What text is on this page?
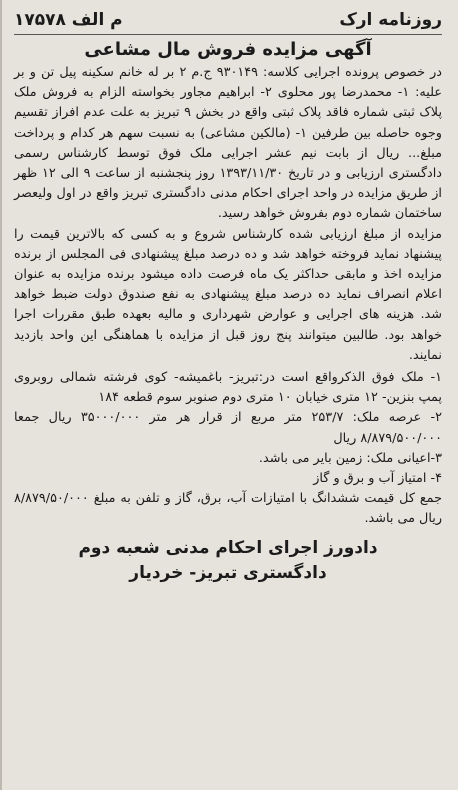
روزنامه ارک
م الف ۱۷۵۷۸
آگهی مزایده فروش مال مشاعی

در خصوص پرونده اجرایی کلاسه: ۹۳۰۱۴۹ ج.م ۲ بر له خانم سکینه پیل تن و بر علیه: ۱- محمدرضا پور محلوی ۲- ابراهیم مجاور بخواسته الزام به فروش ملک پلاک ثبتی شماره فاقد پلاک ثبتی واقع در بخش ۹ تبریز به علت عدم افراز تقسیم وجوه حاصله بین طرفین ۱- (مالکین مشاعی) به نسبت سهم هر کدام و پرداخت مبلغ... ریال از بابت نیم عشر اجرایی ملک فوق توسط کارشناس رسمی دادگستری ارزیابی و در تاریخ ۱۳۹۳/۱۱/۳۰ روز پنجشنبه از ساعت ۹ الی ۱۲ ظهر از طریق مزایده در واحد اجرای احکام مدنی دادگستری تبریز واقع در اول ولیعصر ساختمان شماره دوم بفروش خواهد رسید.

مزایده از مبلغ ارزیابی شده کارشناس شروع و به کسی که بالاترین قیمت را پیشنهاد نماید فروخته خواهد شد و ده درصد مبلغ پیشنهادی فی المجلس از برنده مزایده اخذ و مابقی حداکثر یک ماه فرصت داده میشود برنده مزایده به عنوان اعلام انصراف نماید ده درصد مبلغ پیشنهادی به نفع صندوق دولت ضبط خواهد شد. هزینه های اجرایی و عوارض شهرداری و مالیه بعهده طبق مقررات اجرا خواهد بود. طالبین میتوانند پنج روز قبل از مزایده با هماهنگی این واحد بازدید نمایند.

۱- ملک فوق الذکرواقع است در:تبریز- باغمیشه- کوی فرشته شمالی روبروی پمپ بنزین- ۱۲ متری خیابان ۱۰ متری دوم صنوبر سوم قطعه ۱۸۴

۲- عرصه ملک: ۲۵۳/۷ متر مربع از قرار هر متر ۳۵۰۰۰/۰۰۰ ریال جمعا ۸/۸۷۹/۵۰۰/۰۰۰ ریال

۳-اعیانی ملک: زمین بایر می باشد.

۴- امتیاز آب و برق و گاز

جمع کل قیمت ششدانگ با امتیازات آب، برق، گاز و تلفن به مبلغ ۸/۸۷۹/۵۰/۰۰۰ ریال می باشد.

دادورز اجرای احکام مدنی شعبه دوم
دادگستری تبریز- خردیار
